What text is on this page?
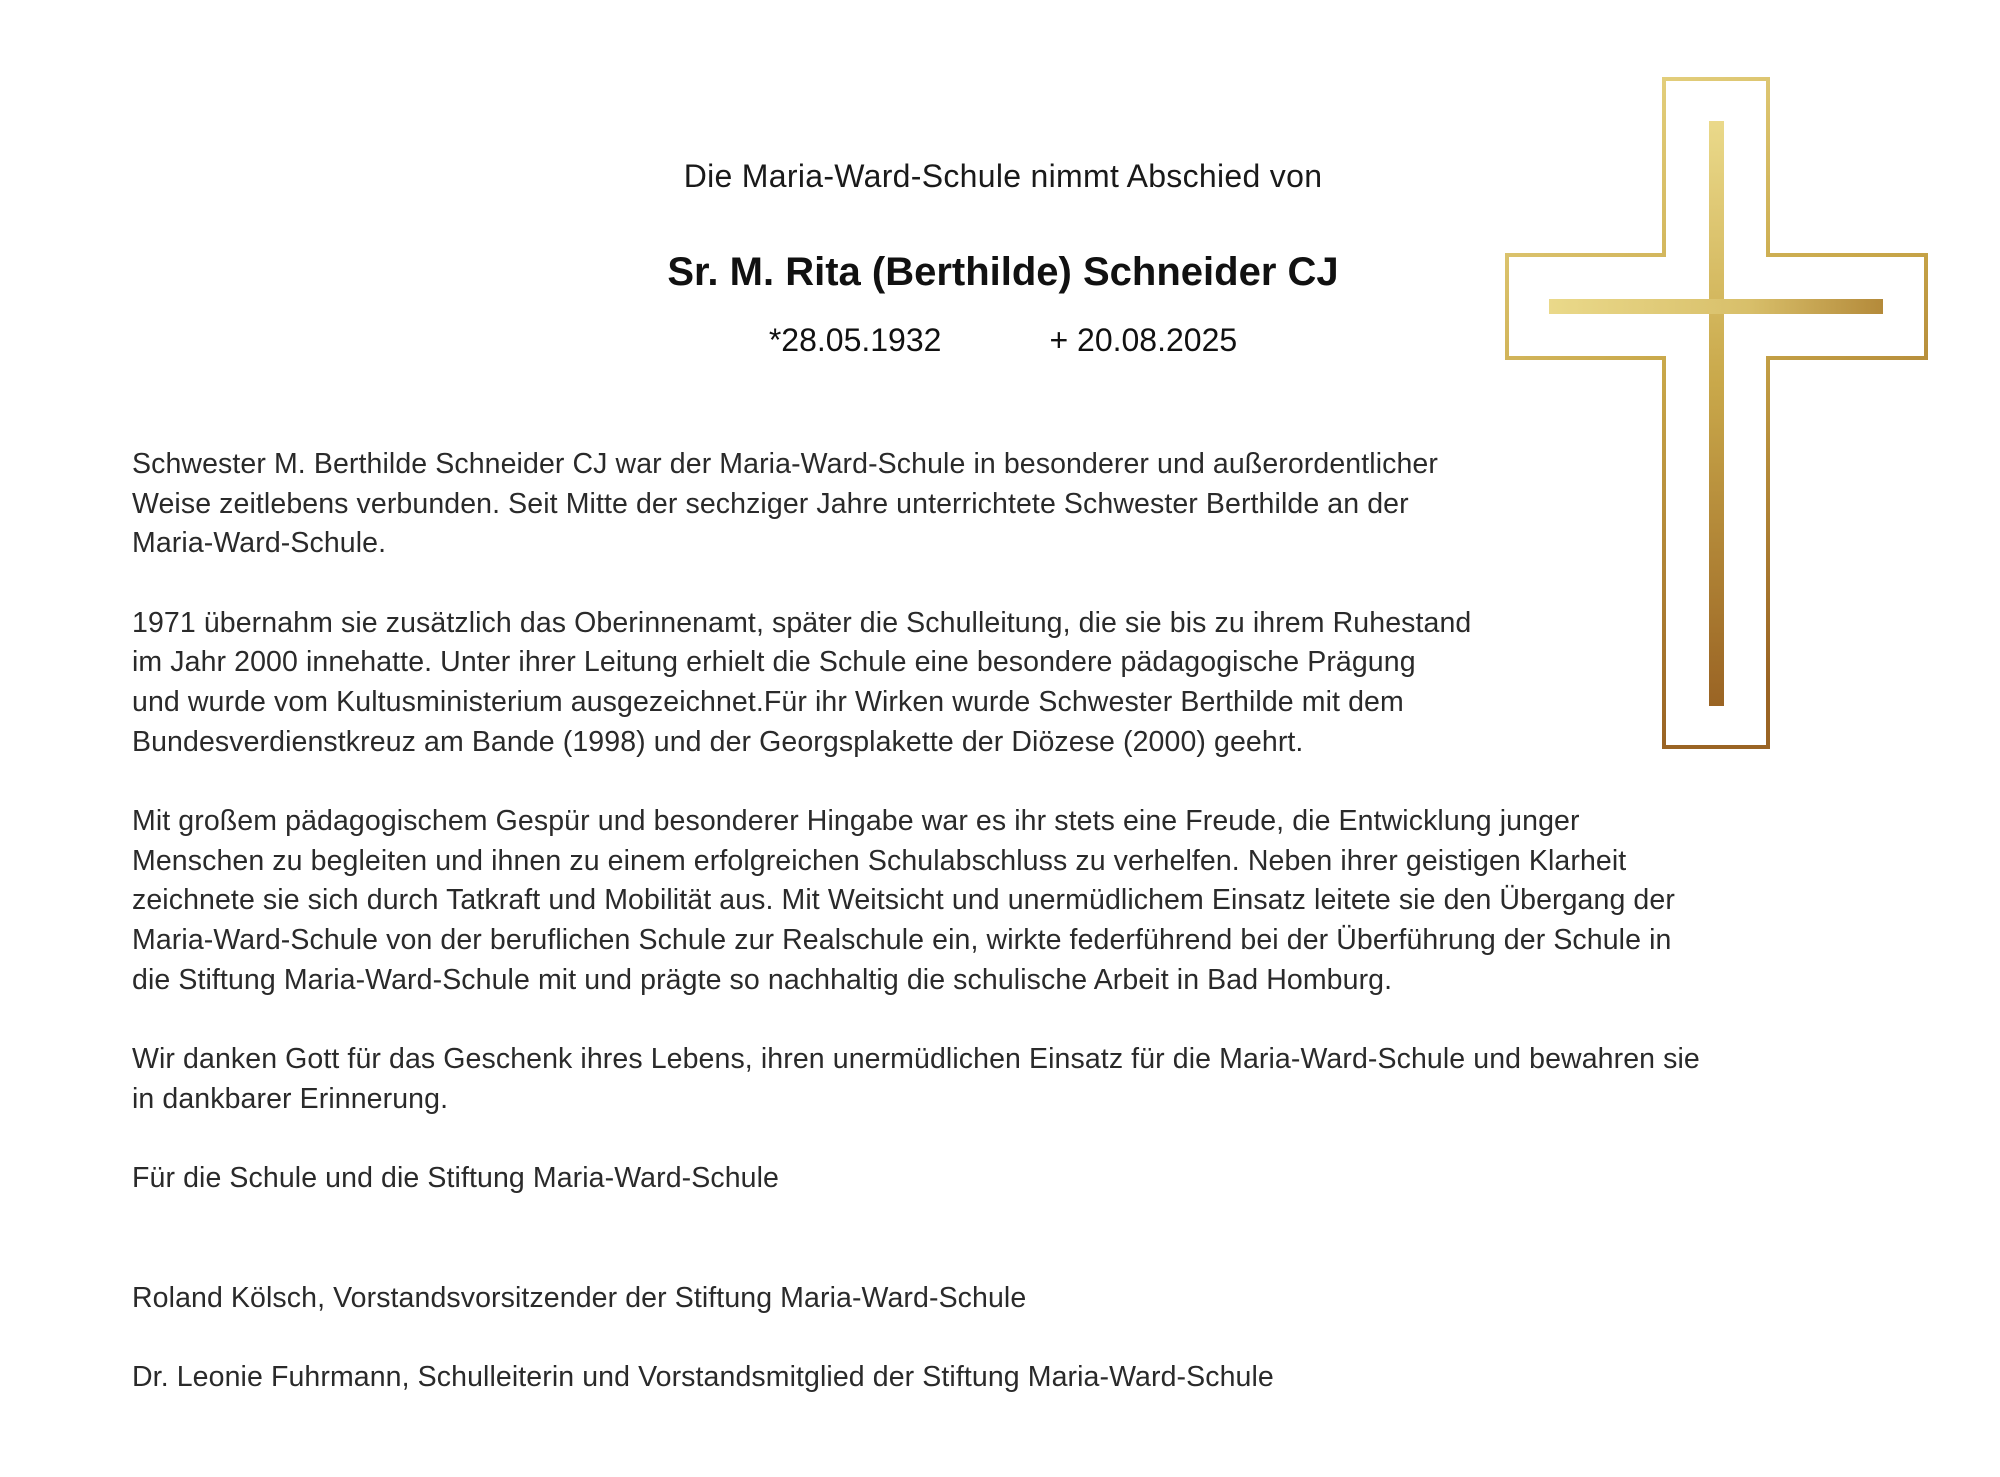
Die Maria-Ward-Schule nimmt Abschied von
Sr. M. Rita (Berthilde) Schneider CJ
*28.05.1932	+ 20.08.2025

Schwester M. Berthilde Schneider CJ war der Maria-Ward-Schule in besonderer und außerordentlicher
Weise zeitlebens verbunden. Seit Mitte der sechziger Jahre unterrichtete Schwester Berthilde an der
Maria-Ward-Schule.

1971 übernahm sie zusätzlich das Oberinnenamt, später die Schulleitung, die sie bis zu ihrem Ruhestand
im Jahr 2000 innehatte. Unter ihrer Leitung erhielt die Schule eine besondere pädagogische Prägung
und wurde vom Kultusministerium ausgezeichnet.Für ihr Wirken wurde Schwester Berthilde mit dem
Bundesverdienstkreuz am Bande (1998) und der Georgsplakette der Diözese (2000) geehrt.

Mit großem pädagogischem Gespür und besonderer Hingabe war es ihr stets eine Freude, die Entwicklung junger
Menschen zu begleiten und ihnen zu einem erfolgreichen Schulabschluss zu verhelfen. Neben ihrer geistigen Klarheit
zeichnete sie sich durch Tatkraft und Mobilität aus. Mit Weitsicht und unermüdlichem Einsatz leitete sie den Übergang der
Maria-Ward-Schule von der beruflichen Schule zur Realschule ein, wirkte federführend bei der Überführung der Schule in
die Stiftung Maria-Ward-Schule mit und prägte so nachhaltig die schulische Arbeit in Bad Homburg.

Wir danken Gott für das Geschenk ihres Lebens, ihren unermüdlichen Einsatz für die Maria-Ward-Schule und bewahren sie
in dankbarer Erinnerung.

Für die Schule und die Stiftung Maria-Ward-Schule

Roland Kölsch, Vorstandsvorsitzender der Stiftung Maria-Ward-Schule

Dr. Leonie Fuhrmann, Schulleiterin und Vorstandsmitglied der Stiftung Maria-Ward-Schule
